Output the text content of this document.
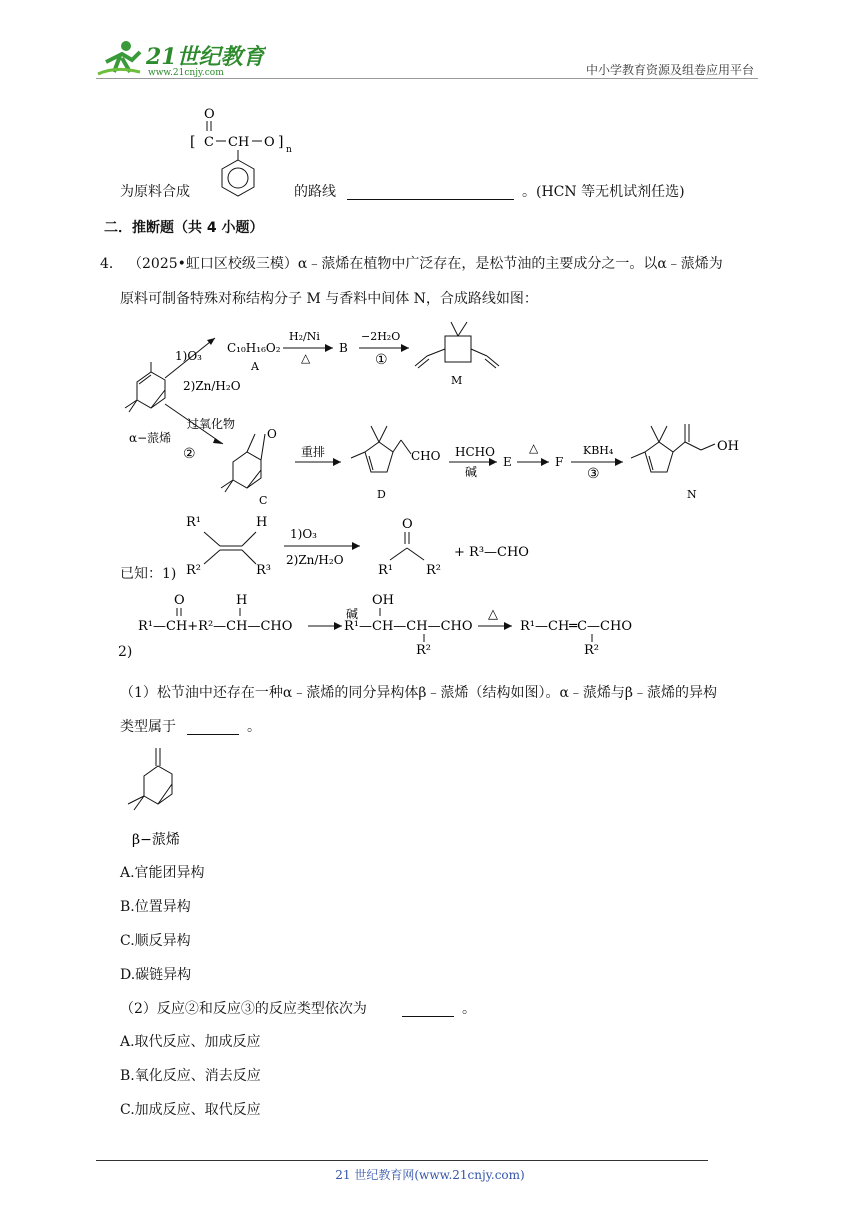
21世纪教育
www.21cnjy.com	中小学教育资源及组卷应用平台
O
[ C CH O ] n
为原料合成	的路线	。(HCN 等无机试剂任选)
二．推断题（共 4 小题）
4． （2025•虹口区校级三模）α﹣蒎烯在植物中广泛存在，是松节油的主要成分之一。以α﹣蒎烯为
原料可制备特殊对称结构分子 M 与香料中间体 N，合成路线如图：
α−蒎烯
1)O₃
2)Zn/H₂O
C₁₀H₁₆O₂
A
H₂/Ni
△
B
−2H₂O
①
M
过氧化物
②
O
C
重排	CHO
D
HCHO
碱
E
△
F
KBH₄
③
OH
N
已知：1)
R¹	H
R²	R³
1)O₃
2)Zn/H₂O
O
R¹	R²
+ R³—CHO
O	H
R¹—CH+R²—CH—CHO
碱
OH
R¹—CH—CH—CHO
R²
△
R¹—CH═C—CHO
R²
2)
（1）松节油中还存在一种α﹣蒎烯的同分异构体β﹣蒎烯（结构如图）。α﹣蒎烯与β﹣蒎烯的异构
类型属于	。
β−蒎烯
A.官能团异构
B.位置异构
C.顺反异构
D.碳链异构
（2）反应②和反应③的反应类型依次为	。
A.取代反应、加成反应
B.氧化反应、消去反应
C.加成反应、取代反应
21 世纪教育网(www.21cnjy.com)
